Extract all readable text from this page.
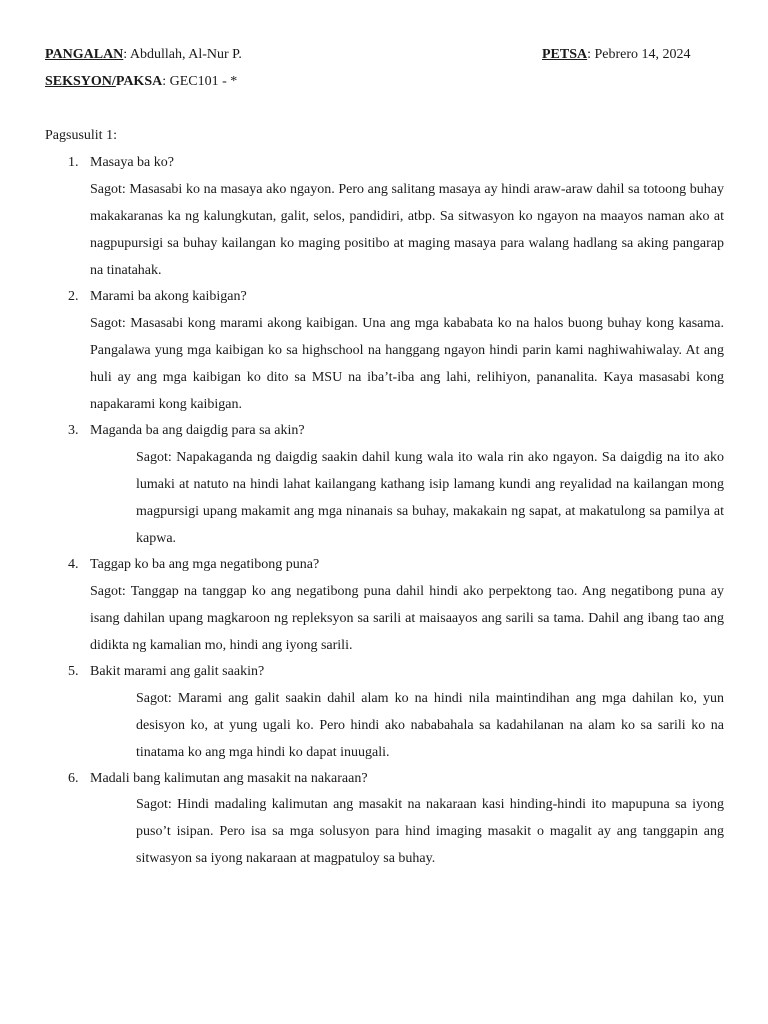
PANGALAN: Abdullah, Al-Nur P.	PETSA: Pebrero 14, 2024
SEKSYON/PAKSA: GEC101 - *
Pagsusulit 1:
1. Masaya ba ko?
Sagot: Masasabi ko na masaya ako ngayon. Pero ang salitang masaya ay hindi araw-araw dahil sa totoong buhay makakaranas ka ng kalungkutan, galit, selos, pandidiri, atbp. Sa sitwasyon ko ngayon na maayos naman ako at nagpupursigi sa buhay kailangan ko maging positibo at maging masaya para walang hadlang sa aking pangarap na tinatahak.
2. Marami ba akong kaibigan?
Sagot: Masasabi kong marami akong kaibigan. Una ang mga kababata ko na halos buong buhay kong kasama. Pangalawa yung mga kaibigan ko sa highschool na hanggang ngayon hindi parin kami naghiwahiwalay. At ang huli ay ang mga kaibigan ko dito sa MSU na iba’t-iba ang lahi, relihiyon, pananalita. Kaya masasabi kong napakarami kong kaibigan.
3. Maganda ba ang daigdig para sa akin?
Sagot: Napakaganda ng daigdig saakin dahil kung wala ito wala rin ako ngayon. Sa daigdig na ito ako lumaki at natuto na hindi lahat kailangang kathang isip lamang kundi ang reyalidad na kailangan mong magpursigi upang makamit ang mga ninanais sa buhay, makakain ng sapat, at makatulong sa pamilya at kapwa.
4. Taggap ko ba ang mga negatibong puna?
Sagot: Tanggap na tanggap ko ang negatibong puna dahil hindi ako perpektong tao. Ang negatibong puna ay isang dahilan upang magkaroon ng repleksyon sa sarili at maisaayos ang sarili sa tama. Dahil ang ibang tao ang didikta ng kamalian mo, hindi ang iyong sarili.
5. Bakit marami ang galit saakin?
Sagot: Marami ang galit saakin dahil alam ko na hindi nila maintindihan ang mga dahilan ko, yun desisyon ko, at yung ugali ko. Pero hindi ako nababahala sa kadahilanan na alam ko sa sarili ko na tinatama ko ang mga hindi ko dapat inuugali.
6. Madali bang kalimutan ang masakit na nakaraan?
Sagot: Hindi madaling kalimutan ang masakit na nakaraan kasi hinding-hindi ito mapupuna sa iyong puso’t isipan. Pero isa sa mga solusyon para hind imaging masakit o magalit ay ang tanggapin ang sitwasyon sa iyong nakaraan at magpatuloy sa buhay.
